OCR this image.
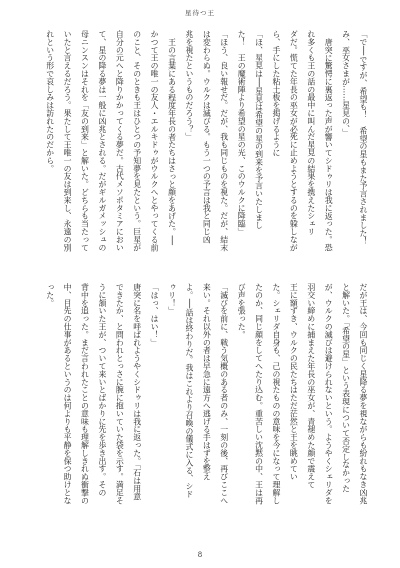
星待つ王
「で──ですが、希望も！　希望の星もまた予言されました！
み、巫女さまが……星見の、」
唐突に驚愕に裏返った声が響いてシドゥリは我に返った。恐
れ多くも王の話の最中に叫んだ星見の結果を携えたシェリ
ダだ。慌てた年長の巫女が必死に止めようとするのを躱しなが
ら、手にした粘土板を掲げるように
「ほ、星見は──星見は希望の星の到来を予言いたしまし
た！　王の魔術陣より希望の星の光、このウルクに降臨」
「ほう、良い報せだ。だが、我も同じものを視た。だが、結末
は変わらぬ。ウルクは滅びる。もう一つの予言は我と同じ凶
兆を視たというものだろう？」
王の言葉にある程度年長の者たちはさっと顔をあげた。──
かつて王の唯一の友人・エルキドゥがウルクへとやってくる前
のこと、そのときも王はひとつの予知夢を見たという。巨星が
自分の元へと降りかかってくる夢だ。古代メソポタミアにおい
て、星の降る夢は一般に凶兆とされる。だがギルガメッシュの
母ニンスンはそれを「友の到来」と解いた。どちらも当たって
いたと言えるだろう。果たして王唯一の友は到来し、永遠の別
れという形で哀しみは訪れたのだから。
だが王は、今回も同じく星降る夢を視ながらも紛れもなき凶兆
と解いた。「希望の星」という表現について否定しなかった
が、ウルクの滅びは避けられないという。ようやくシェリダを
羽交い締めに捕まえた年長の巫女が、青褪めた顔で震えて
王に額ずき、ウルクの民たちはただ茫然と王を眺めてい
た。シェリダ自身も、己の視たものの意味を今になって理解し
たのか、同じ顔をしてへたり込む。重苦しい沈黙の中、王は再
び声を張った。
「滅びを前に、戦う気概のある者のみ、一刻の後、再びここへ
来い。それ以外の者は早急に遠方へ逃げる手はずを整え
よ。──話は終わりだ。我はこれより召喚の儀式に入る、シド
ゥリ！」
「はっ、はい！」
唐突に名を呼ばれようやくシドゥリは我に返った。「石は用意
できたか、と問われとっさに腕に抱いていた袋を示す。満足そ
うに頷いた王が、ついて来いとばかりに先を歩き出す。その
背中を追った。まだ言われたことの意味も理解しきれぬ衝撃の
中、目先の仕事があるというのは何よりも平静を保つ助けとな
った。
8
